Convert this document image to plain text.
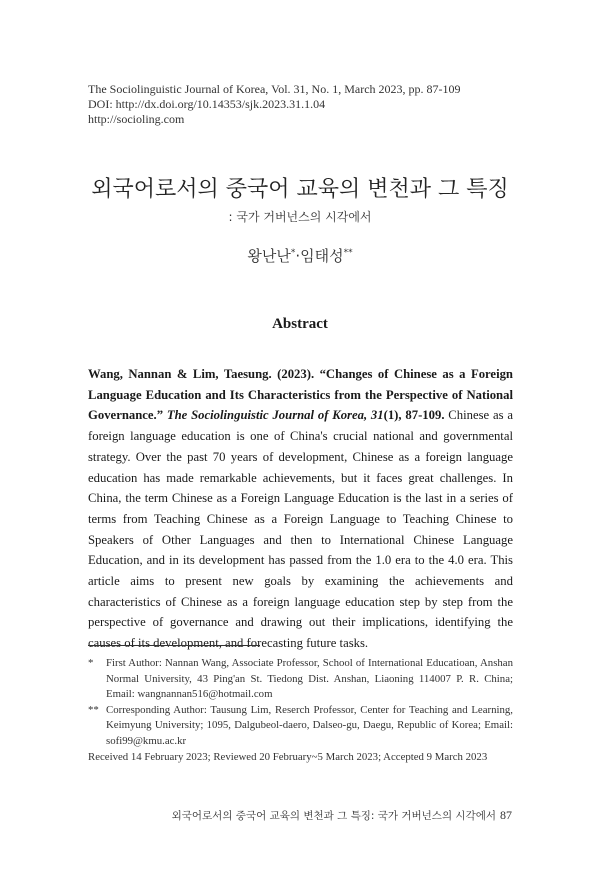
The Sociolinguistic Journal of Korea, Vol. 31, No. 1, March 2023, pp. 87-109
DOI: http://dx.doi.org/10.14353/sjk.2023.31.1.04
http://socioling.com
외국어로서의 중국어 교육의 변천과 그 특징
: 국가 거버넌스의 시각에서
왕난난*·임태성**
Abstract
Wang, Nannan & Lim, Taesung. (2023). “Changes of Chinese as a Foreign Language Education and Its Characteristics from the Perspective of National Governance.” The Sociolinguistic Journal of Korea, 31(1), 87-109. Chinese as a foreign language education is one of China's crucial national and governmental strategy. Over the past 70 years of development, Chinese as a foreign language education has made remarkable achievements, but it faces great challenges. In China, the term Chinese as a Foreign Language Education is the last in a series of terms from Teaching Chinese as a Foreign Language to Teaching Chinese to Speakers of Other Languages and then to International Chinese Language Education, and in its development has passed from the 1.0 era to the 4.0 era. This article aims to present new goals by examining the achievements and characteristics of Chinese as a foreign language education step by step from the perspective of governance and drawing out their implications, identifying the causes of its development, and forecasting future tasks.
* First Author: Nannan Wang, Associate Professor, School of International Educatioan, Anshan Normal University, 43 Ping'an St. Tiedong Dist. Anshan, Liaoning 114007 P. R. China; Email: wangnannan516@hotmail.com
** Corresponding Author: Tausung Lim, Reserch Professor, Center for Teaching and Learning, Keimyung University; 1095, Dalgubeol-daero, Dalseo-gu, Daegu, Republic of Korea; Email: sofi99@kmu.ac.kr
Received 14 February 2023; Reviewed 20 February~5 March 2023; Accepted 9 March 2023
외국어로서의 중국어 교육의 변천과 그 특징: 국가 거버넌스의 시각에서 87
